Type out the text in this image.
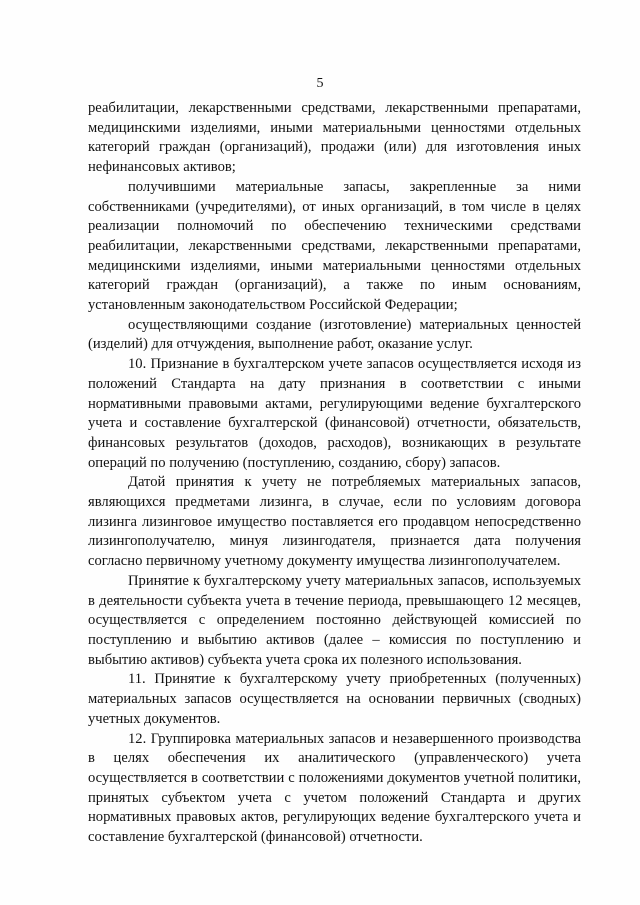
5

реабилитации, лекарственными средствами, лекарственными препаратами, медицинскими изделиями, иными материальными ценностями отдельных категорий граждан (организаций), продажи (или) для изготовления иных нефинансовых активов;

получившими материальные запасы, закрепленные за ними собственниками (учредителями), от иных организаций, в том числе в целях реализации полномочий по обеспечению техническими средствами реабилитации, лекарственными средствами, лекарственными препаратами, медицинскими изделиями, иными материальными ценностями отдельных категорий граждан (организаций), а также по иным основаниям, установленным законодательством Российской Федерации;

осуществляющими создание (изготовление) материальных ценностей (изделий) для отчуждения, выполнение работ, оказание услуг.

10. Признание в бухгалтерском учете запасов осуществляется исходя из положений Стандарта на дату признания в соответствии с иными нормативными правовыми актами, регулирующими ведение бухгалтерского учета и составление бухгалтерской (финансовой) отчетности, обязательств, финансовых результатов (доходов, расходов), возникающих в результате операций по получению (поступлению, созданию, сбору) запасов.

Датой принятия к учету не потребляемых материальных запасов, являющихся предметами лизинга, в случае, если по условиям договора лизинга лизинговое имущество поставляется его продавцом непосредственно лизингополучателю, минуя лизингодателя, признается дата получения согласно первичному учетному документу имущества лизингополучателем.

Принятие к бухгалтерскому учету материальных запасов, используемых в деятельности субъекта учета в течение периода, превышающего 12 месяцев, осуществляется с определением постоянно действующей комиссией по поступлению и выбытию активов (далее – комиссия по поступлению и выбытию активов) субъекта учета срока их полезного использования.

11. Принятие к бухгалтерскому учету приобретенных (полученных) материальных запасов осуществляется на основании первичных (сводных) учетных документов.

12. Группировка материальных запасов и незавершенного производства в целях обеспечения их аналитического (управленческого) учета осуществляется в соответствии с положениями документов учетной политики, принятых субъектом учета с учетом положений Стандарта и других нормативных правовых актов, регулирующих ведение бухгалтерского учета и составление бухгалтерской (финансовой) отчетности.
